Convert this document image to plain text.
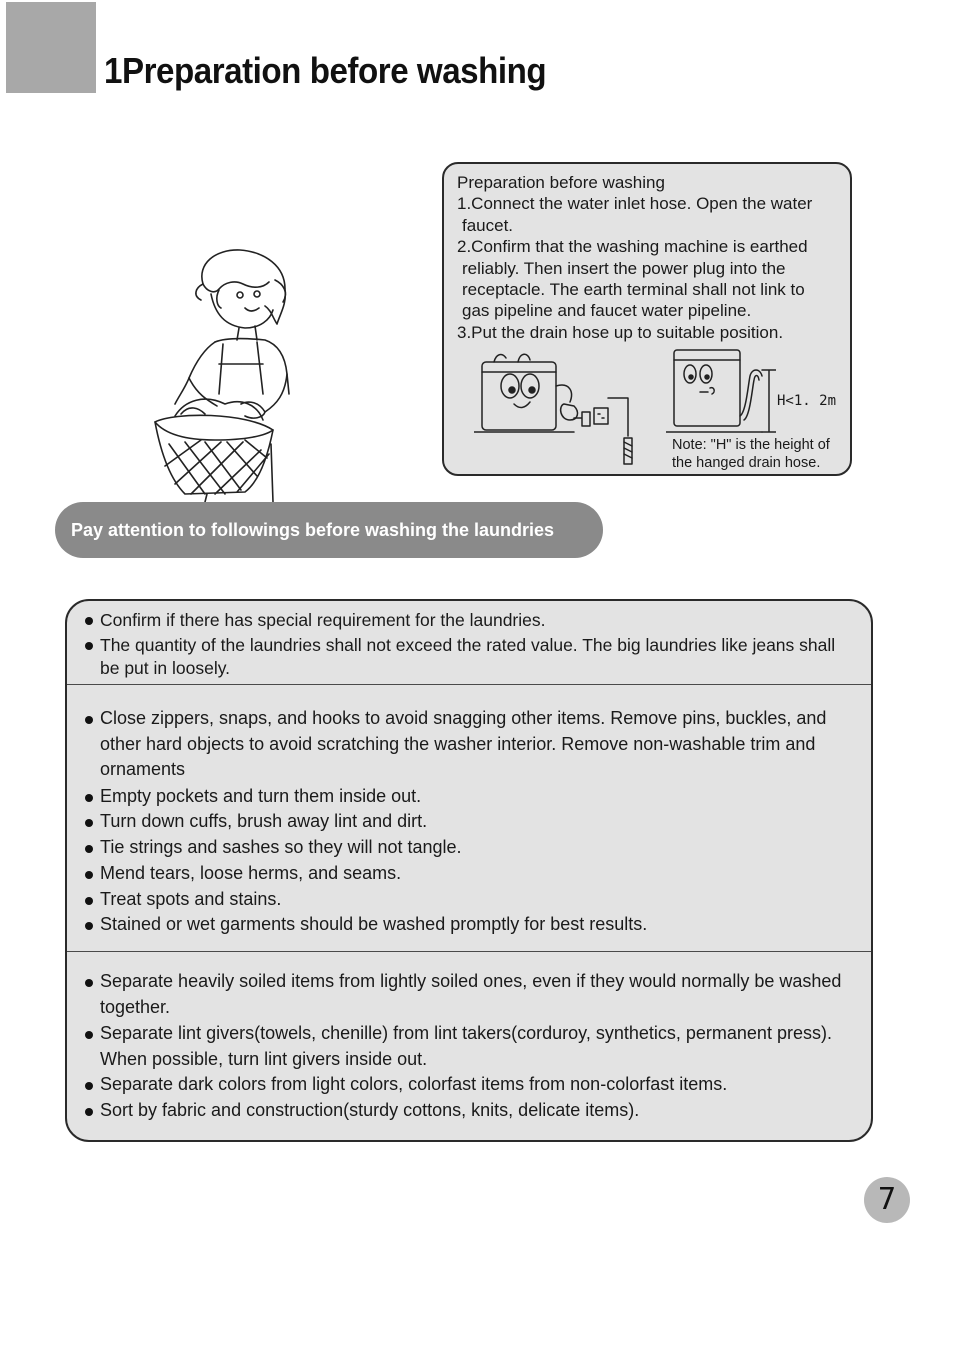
1Preparation before washing
Preparation before washing
1.Connect the water inlet hose. Open the water
faucet.
2.Confirm that the washing machine is earthed
reliably. Then insert the power plug into the
receptacle. The earth terminal shall not link to
gas pipeline and faucet water pipeline.
3.Put the drain hose up to suitable position.
H<1. 2m
Note: "H" is the height of
the hanged drain hose.
Pay attention to followings before washing the laundries
Confirm if there has special requirement for the laundries.
The quantity of the laundries shall not exceed the rated value. The big laundries like jeans shall be put in loosely.
Close zippers, snaps, and hooks to avoid snagging other items. Remove pins, buckles, and other hard objects to avoid scratching the washer interior. Remove non-washable trim and ornaments
Empty pockets and turn them inside out.
Turn down cuffs, brush away lint and dirt.
Tie strings and sashes so they will not tangle.
Mend tears, loose herms, and seams.
Treat spots and stains.
Stained or wet garments should be washed promptly for best results.
Separate heavily soiled items from lightly soiled ones, even if they would normally be washed together.
Separate lint givers(towels, chenille) from lint takers(corduroy, synthetics, permanent press). When possible, turn lint givers inside out.
Separate dark colors from light colors, colorfast items from non-colorfast items.
Sort by fabric and construction(sturdy cottons, knits, delicate items).
7
